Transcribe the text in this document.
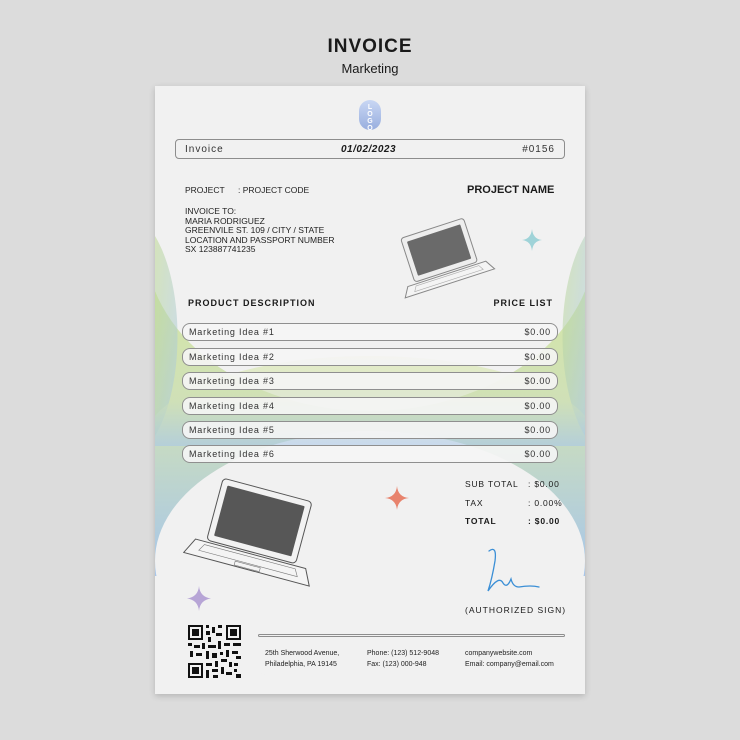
INVOICE
Marketing
L
O
G
O
Invoice	01/02/2023	#0156
PROJECT : PROJECT CODE	PROJECT NAME
INVOICE TO:
MARIA RODRIGUEZ
GREENVILE ST. 109 / CITY / STATE
LOCATION AND PASSPORT NUMBER
SX 123887741235
PRODUCT DESCRIPTION	PRICE LIST
Marketing Idea #1	$0.00
Marketing Idea #2	$0.00
Marketing Idea #3	$0.00
Marketing Idea #4	$0.00
Marketing Idea #5	$0.00
Marketing Idea #6	$0.00
SUB TOTAL : $0.00
TAX	: 0.00%
TOTAL	: $0.00
(AUTHORIZED SIGN)
25th Sherwood Avenue,
Philadelphia, PA 19145
Phone: (123) 512-9048
Fax: (123) 000-948
companywebsite.com
Email: company@email.com
